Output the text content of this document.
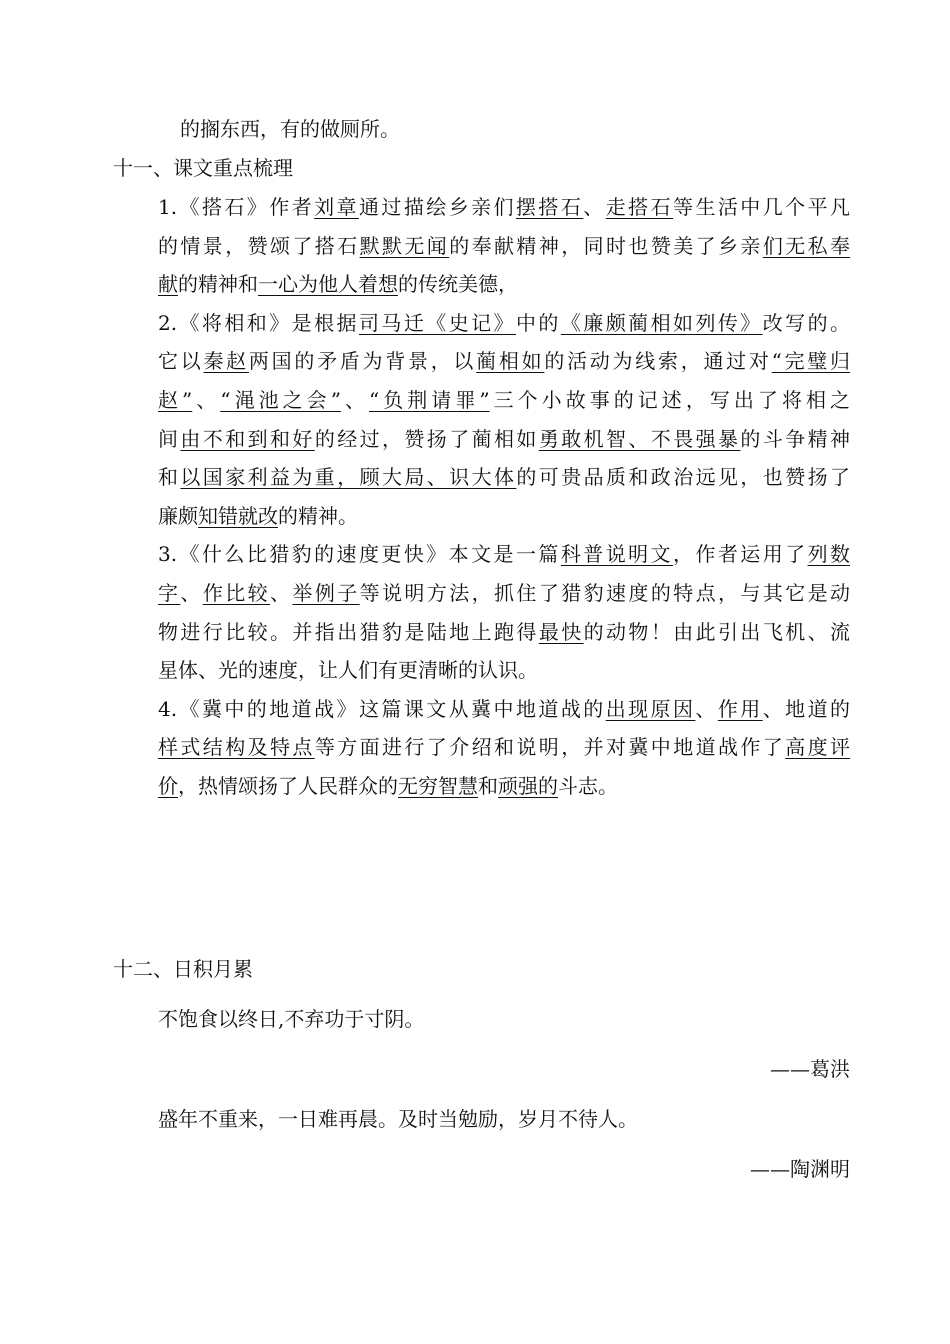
的搁东西，有的做厕所。
十一、课文重点梳理
1.《搭石》作者刘章通过描绘乡亲们摆搭石、走搭石等生活中几个平凡
的情景，赞颂了搭石默默无闻的奉献精神，同时也赞美了乡亲们无私奉
献的精神和一心为他人着想的传统美德，
2.《将相和》是根据司马迁《史记》中的《廉颇蔺相如列传》改写的。
它以秦赵两国的矛盾为背景，以蔺相如的活动为线索，通过对“完璧归
赵”、“渑池之会”、“负荆请罪”三个小故事的记述，写出了将相之
间由不和到和好的经过，赞扬了蔺相如勇敢机智、不畏强暴的斗争精神
和以国家利益为重，顾大局、识大体的可贵品质和政治远见，也赞扬了
廉颇知错就改的精神。
3.《什么比猎豹的速度更快》本文是一篇科普说明文，作者运用了列数
字、作比较、举例子等说明方法，抓住了猎豹速度的特点，与其它是动
物进行比较。并指出猎豹是陆地上跑得最快的动物！由此引出飞机、流
星体、光的速度，让人们有更清晰的认识。
4.《冀中的地道战》这篇课文从冀中地道战的出现原因、作用、地道的
样式结构及特点等方面进行了介绍和说明，并对冀中地道战作了高度评
价，热情颂扬了人民群众的无穷智慧和顽强的斗志。
十二、日积月累
不饱食以终日,不弃功于寸阴。
——葛洪
盛年不重来，一日难再晨。及时当勉励，岁月不待人。
——陶渊明
